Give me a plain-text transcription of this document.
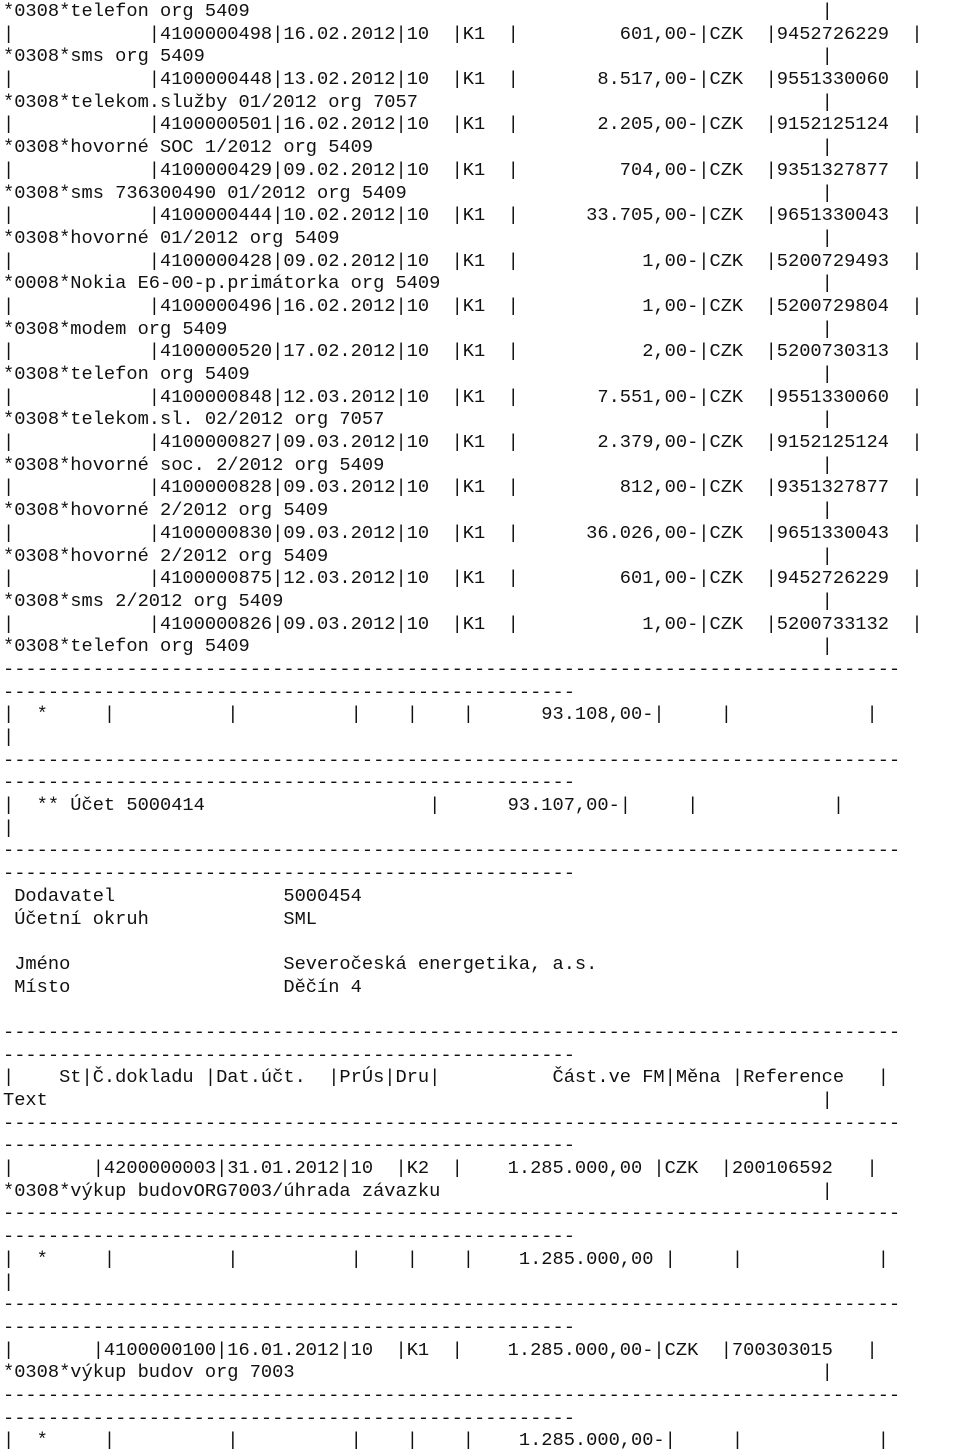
*0308*telefon org 5409                                                   |
|            |4100000498|16.02.2012|10  |K1  |         601,00-|CZK  |9452726229  |
*0308*sms org 5409                                                       |
|            |4100000448|13.02.2012|10  |K1  |       8.517,00-|CZK  |9551330060  |
*0308*telekom.služby 01/2012 org 7057                                    |
|            |4100000501|16.02.2012|10  |K1  |       2.205,00-|CZK  |9152125124  |
*0308*hovorné SOC 1/2012 org 5409                                        |
|            |4100000429|09.02.2012|10  |K1  |         704,00-|CZK  |9351327877  |
*0308*sms 736300490 01/2012 org 5409                                     |
|            |4100000444|10.02.2012|10  |K1  |      33.705,00-|CZK  |9651330043  |
*0308*hovorné 01/2012 org 5409                                           |
|            |4100000428|09.02.2012|10  |K1  |           1,00-|CZK  |5200729493  |
*0008*Nokia E6-00-p.primátorka org 5409                                  |
|            |4100000496|16.02.2012|10  |K1  |           1,00-|CZK  |5200729804  |
*0308*modem org 5409                                                     |
|            |4100000520|17.02.2012|10  |K1  |           2,00-|CZK  |5200730313  |
*0308*telefon org 5409                                                   |
|            |4100000848|12.03.2012|10  |K1  |       7.551,00-|CZK  |9551330060  |
*0308*telekom.sl. 02/2012 org 7057                                       |
|            |4100000827|09.03.2012|10  |K1  |       2.379,00-|CZK  |9152125124  |
*0308*hovorné soc. 2/2012 org 5409                                       |
|            |4100000828|09.03.2012|10  |K1  |         812,00-|CZK  |9351327877  |
*0308*hovorné 2/2012 org 5409                                            |
|            |4100000830|09.03.2012|10  |K1  |      36.026,00-|CZK  |9651330043  |
*0308*hovorné 2/2012 org 5409                                            |
|            |4100000875|12.03.2012|10  |K1  |         601,00-|CZK  |9452726229  |
*0308*sms 2/2012 org 5409                                                |
|            |4100000826|09.03.2012|10  |K1  |           1,00-|CZK  |5200733132  |
*0308*telefon org 5409                                                   |
--------------------------------------------------------------------------------
---------------------------------------------------
|  *     |          |          |    |    |      93.108,00-|     |            |
|
--------------------------------------------------------------------------------
---------------------------------------------------
|  ** Účet 5000414                    |      93.107,00-|     |            |
|
--------------------------------------------------------------------------------
---------------------------------------------------
Dodavatel               5000454
Účetní okruh            SML
Jméno                   Severočeská energetika, a.s.
Místo                   Děčín 4
--------------------------------------------------------------------------------
---------------------------------------------------
|    St|Č.dokladu |Dat.účt.  |PrÚs|Dru|          Část.ve FM|Měna |Reference   |
Text                                                                     |
--------------------------------------------------------------------------------
---------------------------------------------------
|       |4200000003|31.01.2012|10  |K2  |    1.285.000,00 |CZK  |200106592   |
*0308*výkup budovORG7003/úhrada závazku                                  |
--------------------------------------------------------------------------------
---------------------------------------------------
|  *     |          |          |    |    |    1.285.000,00 |     |            |
|
--------------------------------------------------------------------------------
---------------------------------------------------
|       |4100000100|16.01.2012|10  |K1  |    1.285.000,00-|CZK  |700303015   |
*0308*výkup budov org 7003                                               |
--------------------------------------------------------------------------------
---------------------------------------------------
|  *     |          |          |    |    |    1.285.000,00-|     |            |
